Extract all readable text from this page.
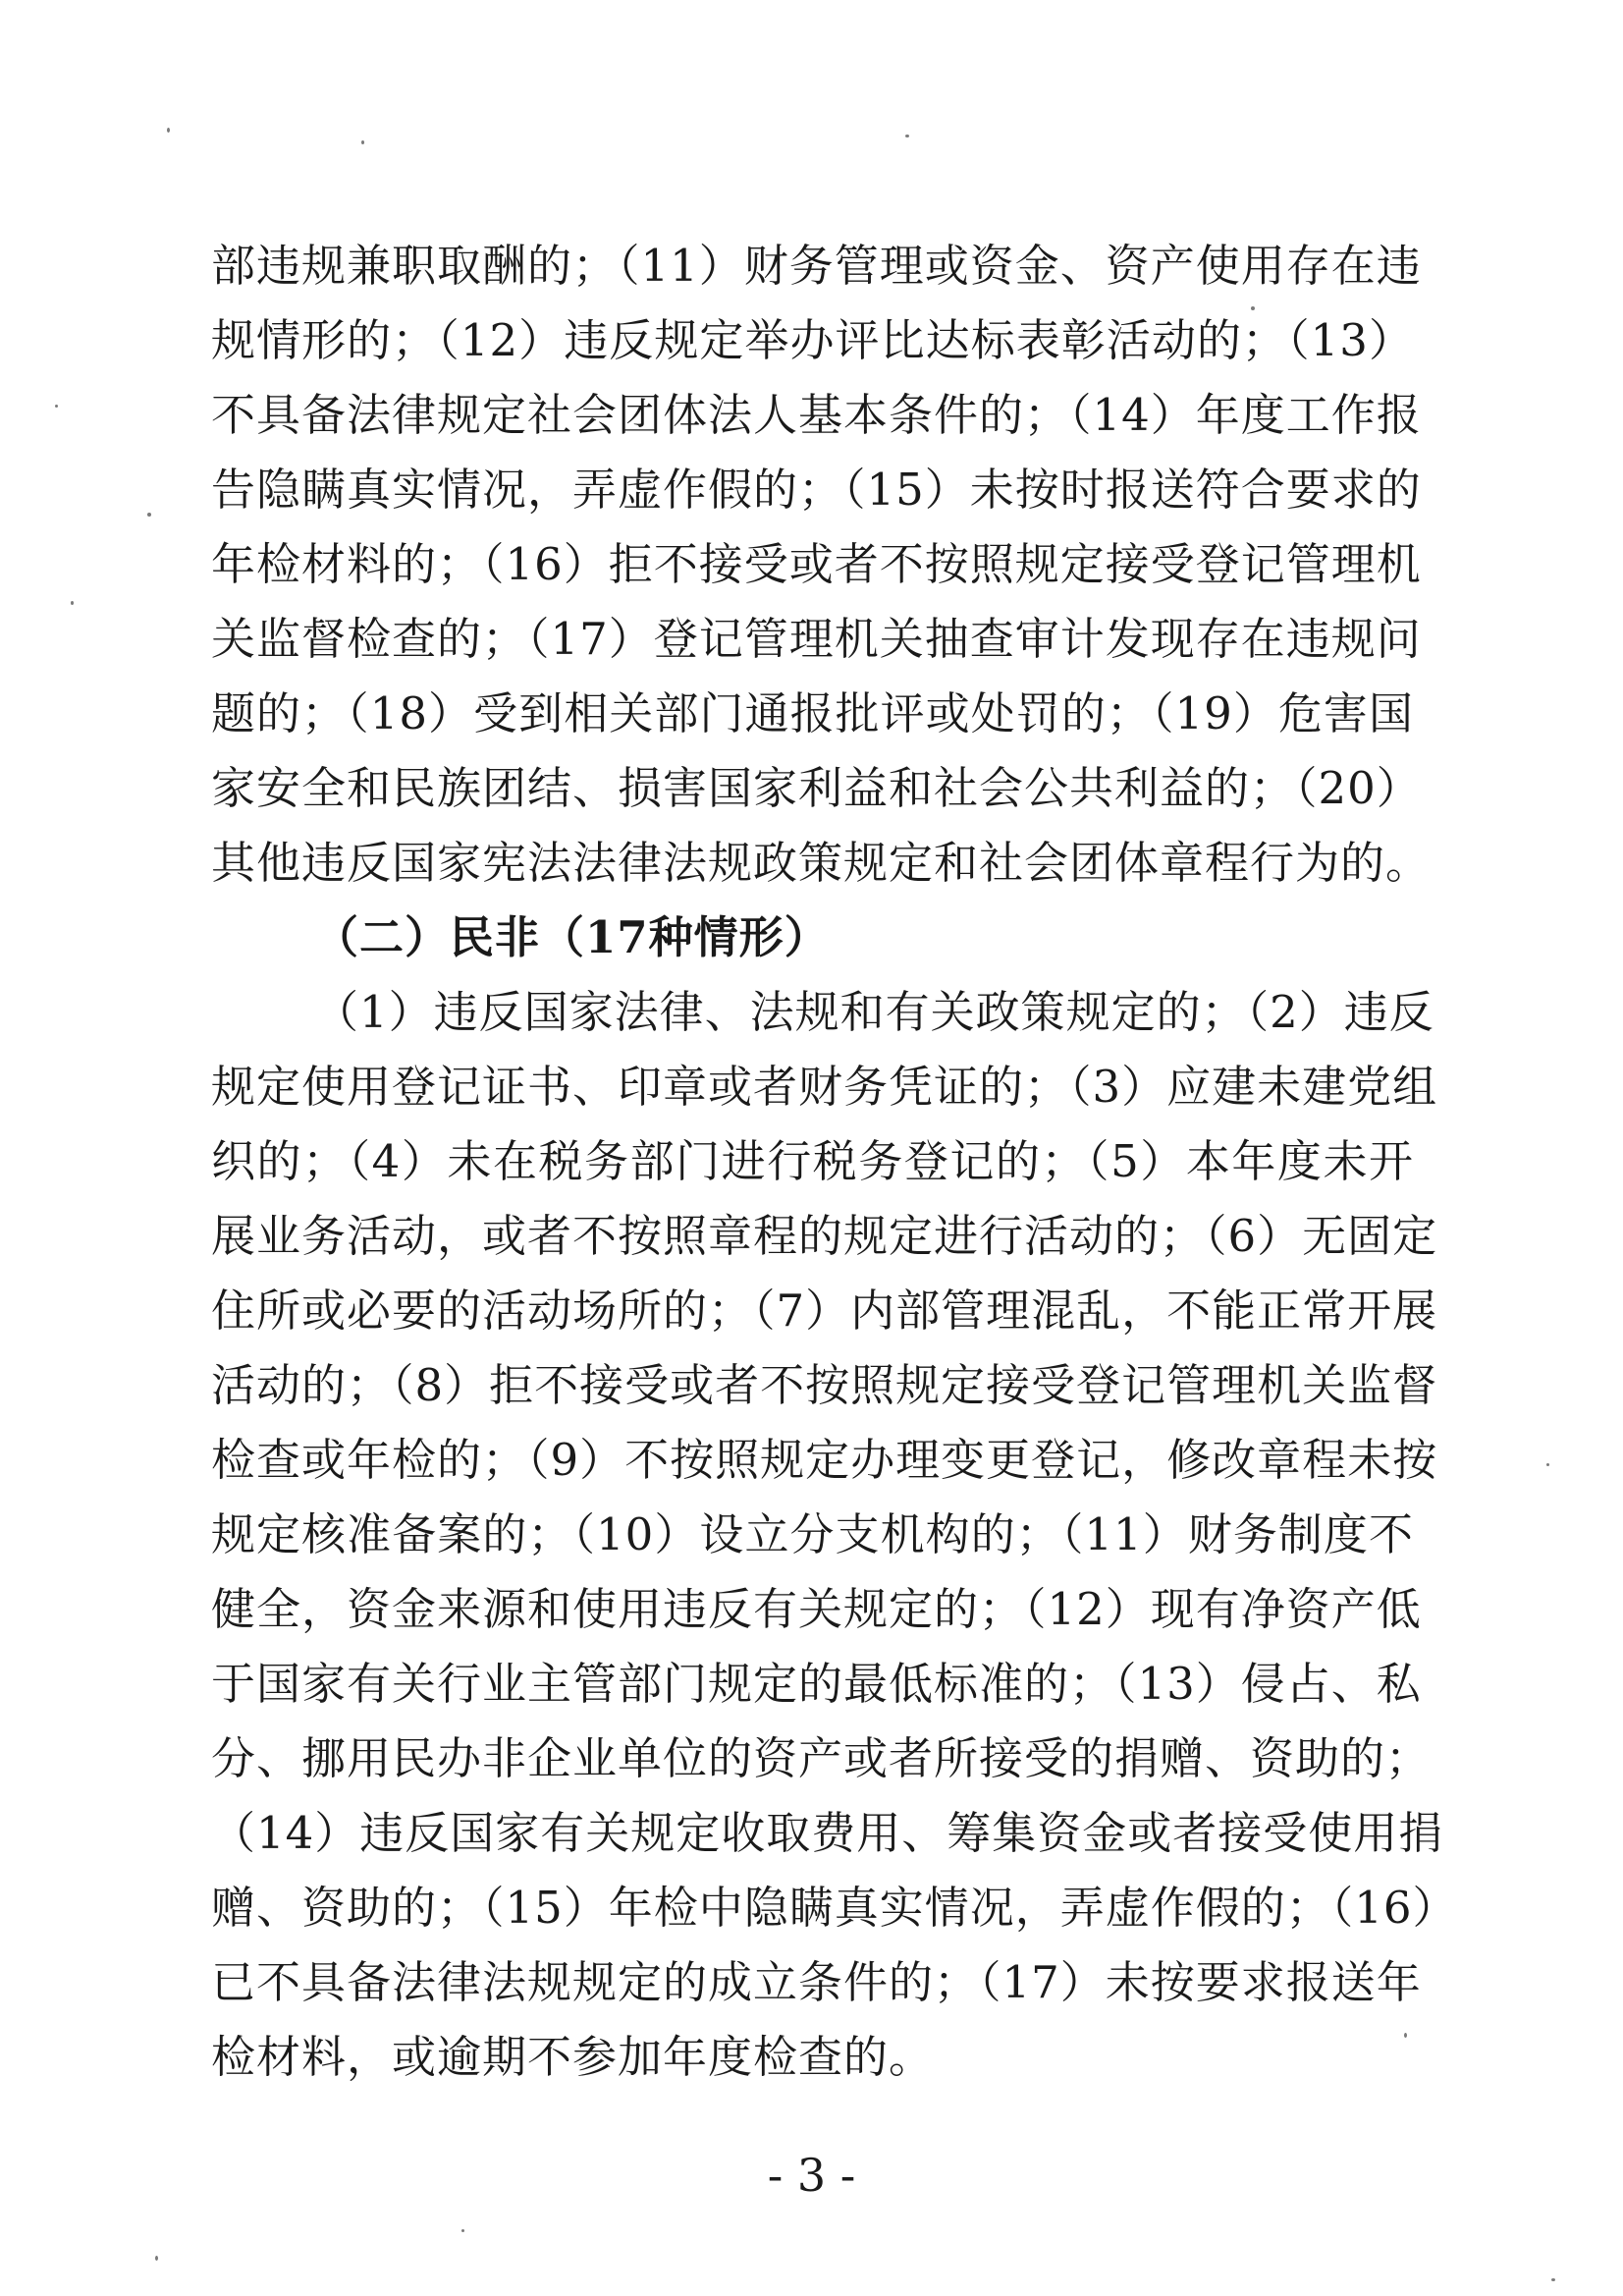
部违规兼职取酬的；（11）财务管理或资金、资产使用存在违
规情形的；（12）违反规定举办评比达标表彰活动的；（13）
不具备法律规定社会团体法人基本条件的；（14）年度工作报
告隐瞒真实情况，弄虚作假的；（15）未按时报送符合要求的
年检材料的；（16）拒不接受或者不按照规定接受登记管理机
关监督检查的；（17）登记管理机关抽查审计发现存在违规问
题的；（18）受到相关部门通报批评或处罚的；（19）危害国
家安全和民族团结、损害国家利益和社会公共利益的；（20）
其他违反国家宪法法律法规政策规定和社会团体章程行为的。
（二）民非（17种情形）
（1）违反国家法律、法规和有关政策规定的；（2）违反
规定使用登记证书、印章或者财务凭证的；（3）应建未建党组
织的；（4）未在税务部门进行税务登记的；（5）本年度未开
展业务活动，或者不按照章程的规定进行活动的；（6）无固定
住所或必要的活动场所的；（7）内部管理混乱，不能正常开展
活动的；（8）拒不接受或者不按照规定接受登记管理机关监督
检查或年检的；（9）不按照规定办理变更登记，修改章程未按
规定核准备案的；（10）设立分支机构的；（11）财务制度不
健全，资金来源和使用违反有关规定的；（12）现有净资产低
于国家有关行业主管部门规定的最低标准的；（13）侵占、私
分、挪用民办非企业单位的资产或者所接受的捐赠、资助的；
（14）违反国家有关规定收取费用、筹集资金或者接受使用捐
赠、资助的；（15）年检中隐瞒真实情况，弄虚作假的；（16）
已不具备法律法规规定的成立条件的；（17）未按要求报送年
检材料，或逾期不参加年度检查的。
- 3 -
